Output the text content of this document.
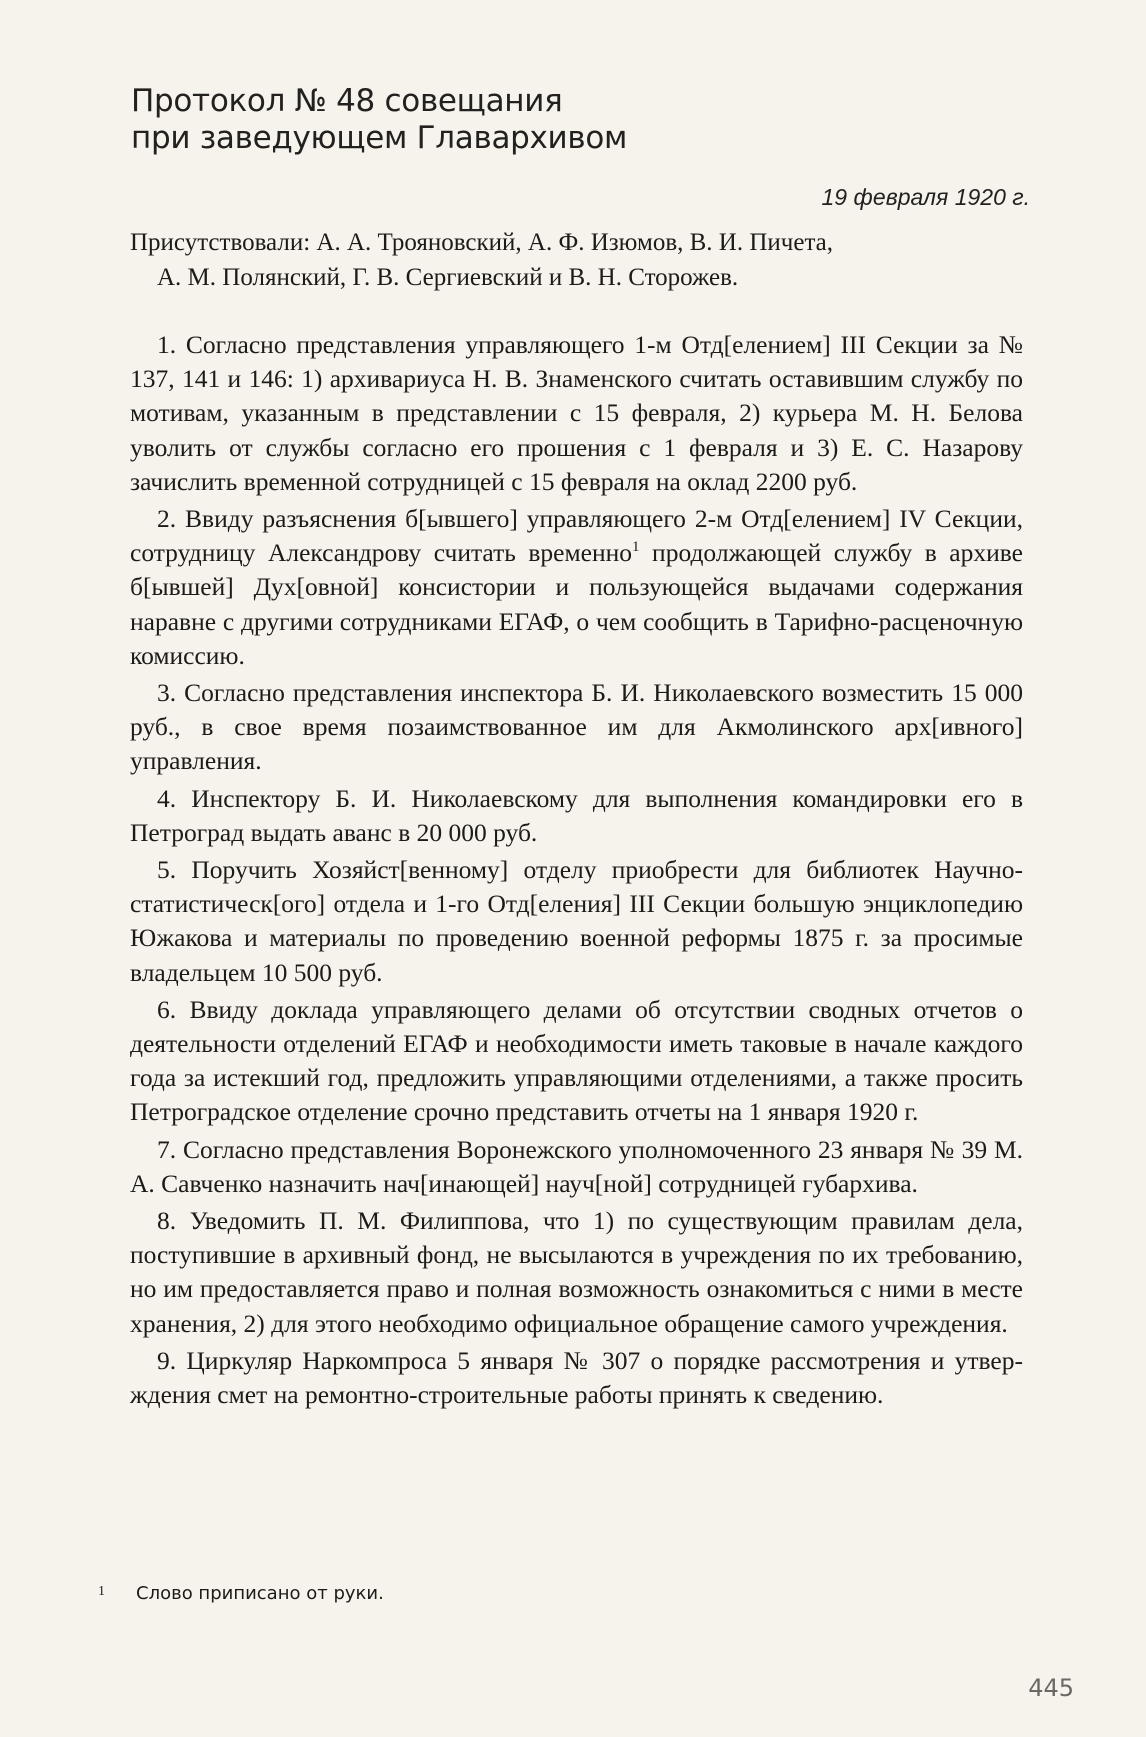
Протокол № 48 совещания
при заведующем Главархивом
19 февраля 1920 г.
Присутствовали: А. А. Трояновский, А. Ф. Изюмов, В. И. Пичета,
А. М. Полянский, Г. В. Сергиевский и В. Н. Сторожев.

1. Согласно представления управляющего 1-м Отд[елением] III Секции за № 137, 141 и 146: 1) архивариуса Н. В. Знаменского считать оставившим службу по мотивам, указанным в представлении с 15 февраля, 2) курьера М. Н. Белова уволить от службы согласно его прошения с 1 февраля и 3) Е. С. Назарову зачислить временной сотрудницей с 15 февраля на оклад 2200 руб.

2. Ввиду разъяснения б[ывшего] управляющего 2-м Отд[елением] IV Секции, сотрудницу Александрову считать временно$^1$ продолжающей службу в архиве б[ывшей] Дух[овной] консистории и пользующейся выдачами содержания наравне с другими сотрудниками ЕГАФ, о чем сообщить в Тарифно-расценочную комиссию.

3. Согласно представления инспектора Б. И. Николаевского возместить 15 000 руб., в свое время позаимствованное им для Акмолинского арх[ивного] управления.

4. Инспектору Б. И. Николаевскому для выполнения командировки его в Петроград выдать аванс в 20 000 руб.

5. Поручить Хозяйст[венному] отделу приобрести для библиотек Научно-статистическ[ого] отдела и 1-го Отд[еления] III Секции большую энциклопедию Южакова и материалы по проведению военной реформы 1875 г. за просимые владельцем 10 500 руб.

6. Ввиду доклада управляющего делами об отсутствии сводных отчетов о деятельности отделений ЕГАФ и необходимости иметь таковые в начале каждого года за истекший год, предложить управляющими отделениями, а также просить Петроградское отделение срочно представить отчеты на 1 января 1920 г.

7. Согласно представления Воронежского уполномоченного 23 января № 39 М. А. Савченко назначить нач[инающей] науч[ной] сотрудницей губархива.

8. Уведомить П. М. Филиппова, что 1) по существующим правилам дела, поступившие в архивный фонд, не высылаются в учреждения по их требованию, но им предоставляется право и полная возможность ознакомиться с ними в месте хранения, 2) для этого необходимо официальное обращение самого учреждения.

9. Циркуляр Наркомпроса 5 января № 307 о порядке рассмотрения и утверждения смет на ремонтно-строительные работы принять к сведению.

1 Слово приписано от руки.
445
